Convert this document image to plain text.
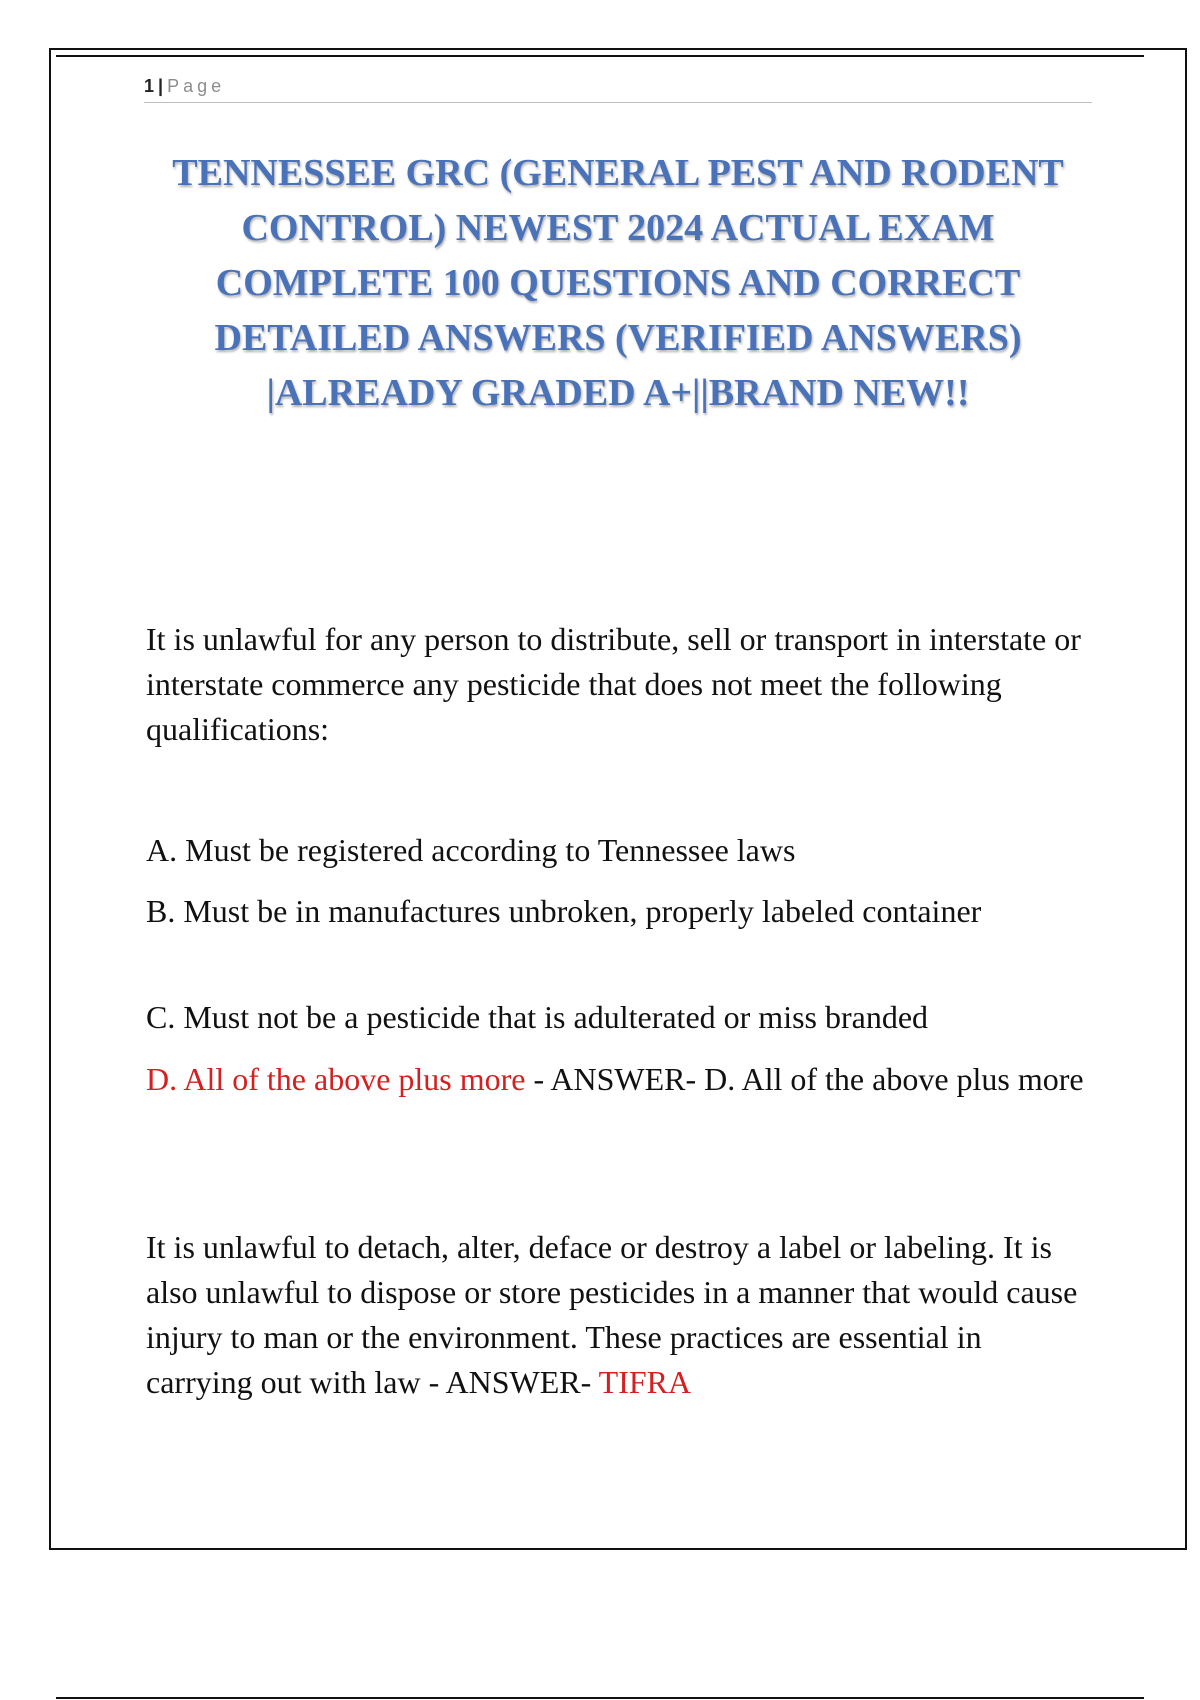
1 | Page
TENNESSEE GRC (GENERAL PEST AND RODENT CONTROL) NEWEST 2024 ACTUAL EXAM COMPLETE 100 QUESTIONS AND CORRECT DETAILED ANSWERS (VERIFIED ANSWERS) |ALREADY GRADED A+||BRAND NEW!!

It is unlawful for any person to distribute, sell or transport in interstate or interstate commerce any pesticide that does not meet the following qualifications:

A. Must be registered according to Tennessee laws

B. Must be in manufactures unbroken, properly labeled container

C. Must not be a pesticide that is adulterated or miss branded

D. All of the above plus more - ANSWER- D. All of the above plus more

It is unlawful to detach, alter, deface or destroy a label or labeling. It is also unlawful to dispose or store pesticides in a manner that would cause injury to man or the environment. These practices are essential in carrying out with law - ANSWER- TIFRA
